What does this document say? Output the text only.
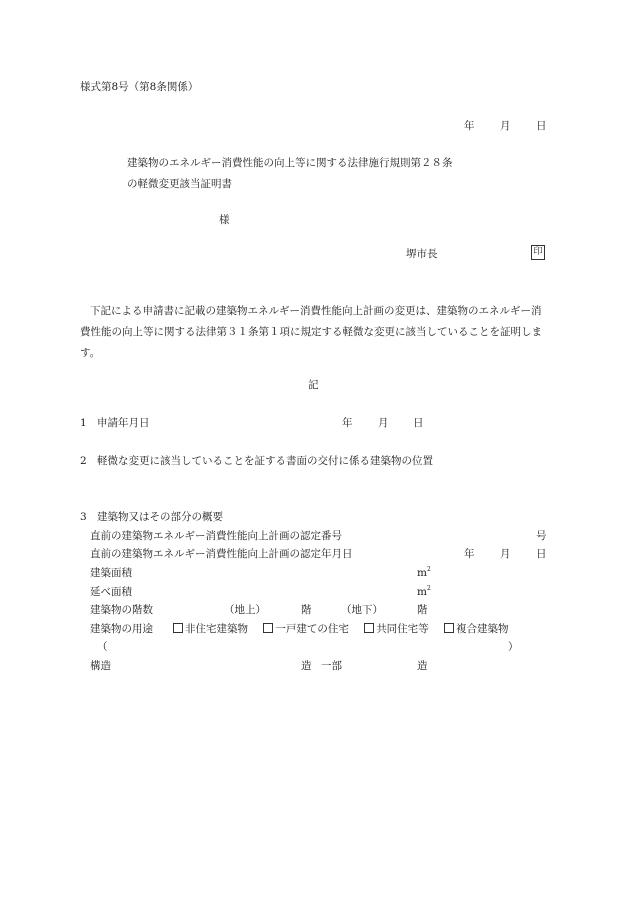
様式第8号（第8条関係）
年 月 日
建築物のエネルギー消費性能の向上等に関する法律施行規則第２８条
の軽微変更該当証明書
様
堺市長	印
下記による申請書に記載の建築物エネルギー消費性能向上計画の変更は、建築物のエネルギー消費性能の向上等に関する法律第３１条第１項に規定する軽微な変更に該当していることを証明します。
記
1 申請年月日	年 月 日
2 軽微な変更に該当していることを証する書面の交付に係る建築物の位置
3 建築物又はその部分の概要
直前の建築物エネルギー消費性能向上計画の認定番号	号
直前の建築物エネルギー消費性能向上計画の認定年月日	年 月 日
建築面積	$m^2$
延べ面積	$m^2$
建築物の階数	（地上）	階	（地下）	階
建築物の用途	非住宅建築物	一戸建ての住宅	共同住宅等	複合建築物
（	）
構造	造 一部	造
